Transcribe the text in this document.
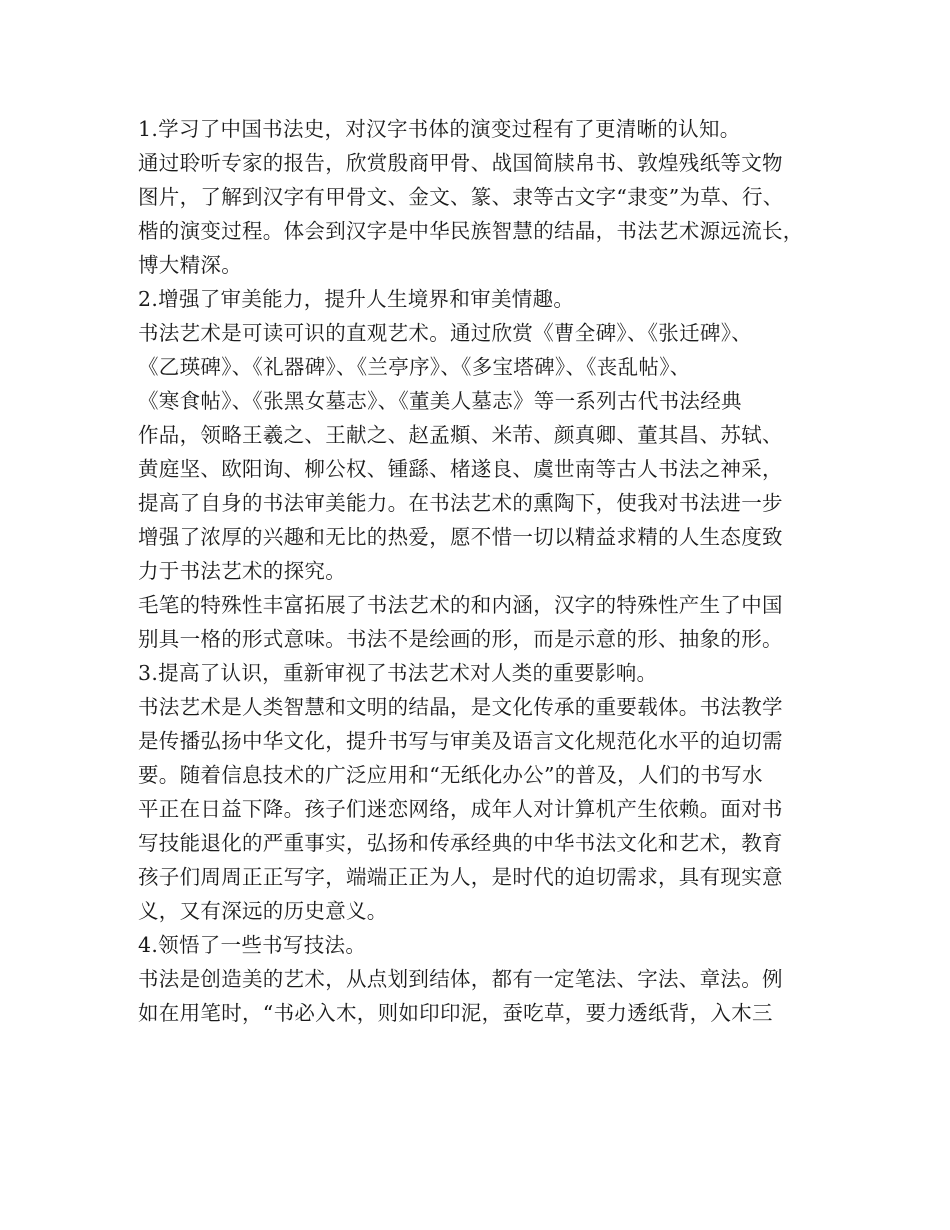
1.学习了中国书法史，对汉字书体的演变过程有了更清晰的认知。
通过聆听专家的报告，欣赏殷商甲骨、战国简牍帛书、敦煌残纸等文物
图片，了解到汉字有甲骨文、金文、篆、隶等古文字“隶变”为草、行、
楷的演变过程。体会到汉字是中华民族智慧的结晶，书法艺术源远流长，
博大精深。
2.增强了审美能力，提升人生境界和审美情趣。
书法艺术是可读可识的直观艺术。通过欣赏《曹全碑》、《张迁碑》、
《乙瑛碑》、《礼器碑》、《兰亭序》、《多宝塔碑》、《丧乱帖》、
《寒食帖》、《张黑女墓志》、《董美人墓志》等一系列古代书法经典
作品，领略王羲之、王献之、赵孟頫、米芾、颜真卿、董其昌、苏轼、
黄庭坚、欧阳询、柳公权、锺繇、楮遂良、虞世南等古人书法之神采，
提高了自身的书法审美能力。在书法艺术的熏陶下，使我对书法进一步
增强了浓厚的兴趣和无比的热爱，愿不惜一切以精益求精的人生态度致
力于书法艺术的探究。
毛笔的特殊性丰富拓展了书法艺术的和内涵，汉字的特殊性产生了中国
别具一格的形式意味。书法不是绘画的形，而是示意的形、抽象的形。
3.提高了认识，重新审视了书法艺术对人类的重要影响。
书法艺术是人类智慧和文明的结晶，是文化传承的重要载体。书法教学
是传播弘扬中华文化，提升书写与审美及语言文化规范化水平的迫切需
要。随着信息技术的广泛应用和“无纸化办公”的普及，人们的书写水
平正在日益下降。孩子们迷恋网络，成年人对计算机产生依赖。面对书
写技能退化的严重事实，弘扬和传承经典的中华书法文化和艺术，教育
孩子们周周正正写字，端端正正为人，是时代的迫切需求，具有现实意
义，又有深远的历史意义。
4.领悟了一些书写技法。
书法是创造美的艺术，从点划到结体，都有一定笔法、字法、章法。例
如在用笔时，“书必入木，则如印印泥，蚕吃草，要力透纸背，入木三
